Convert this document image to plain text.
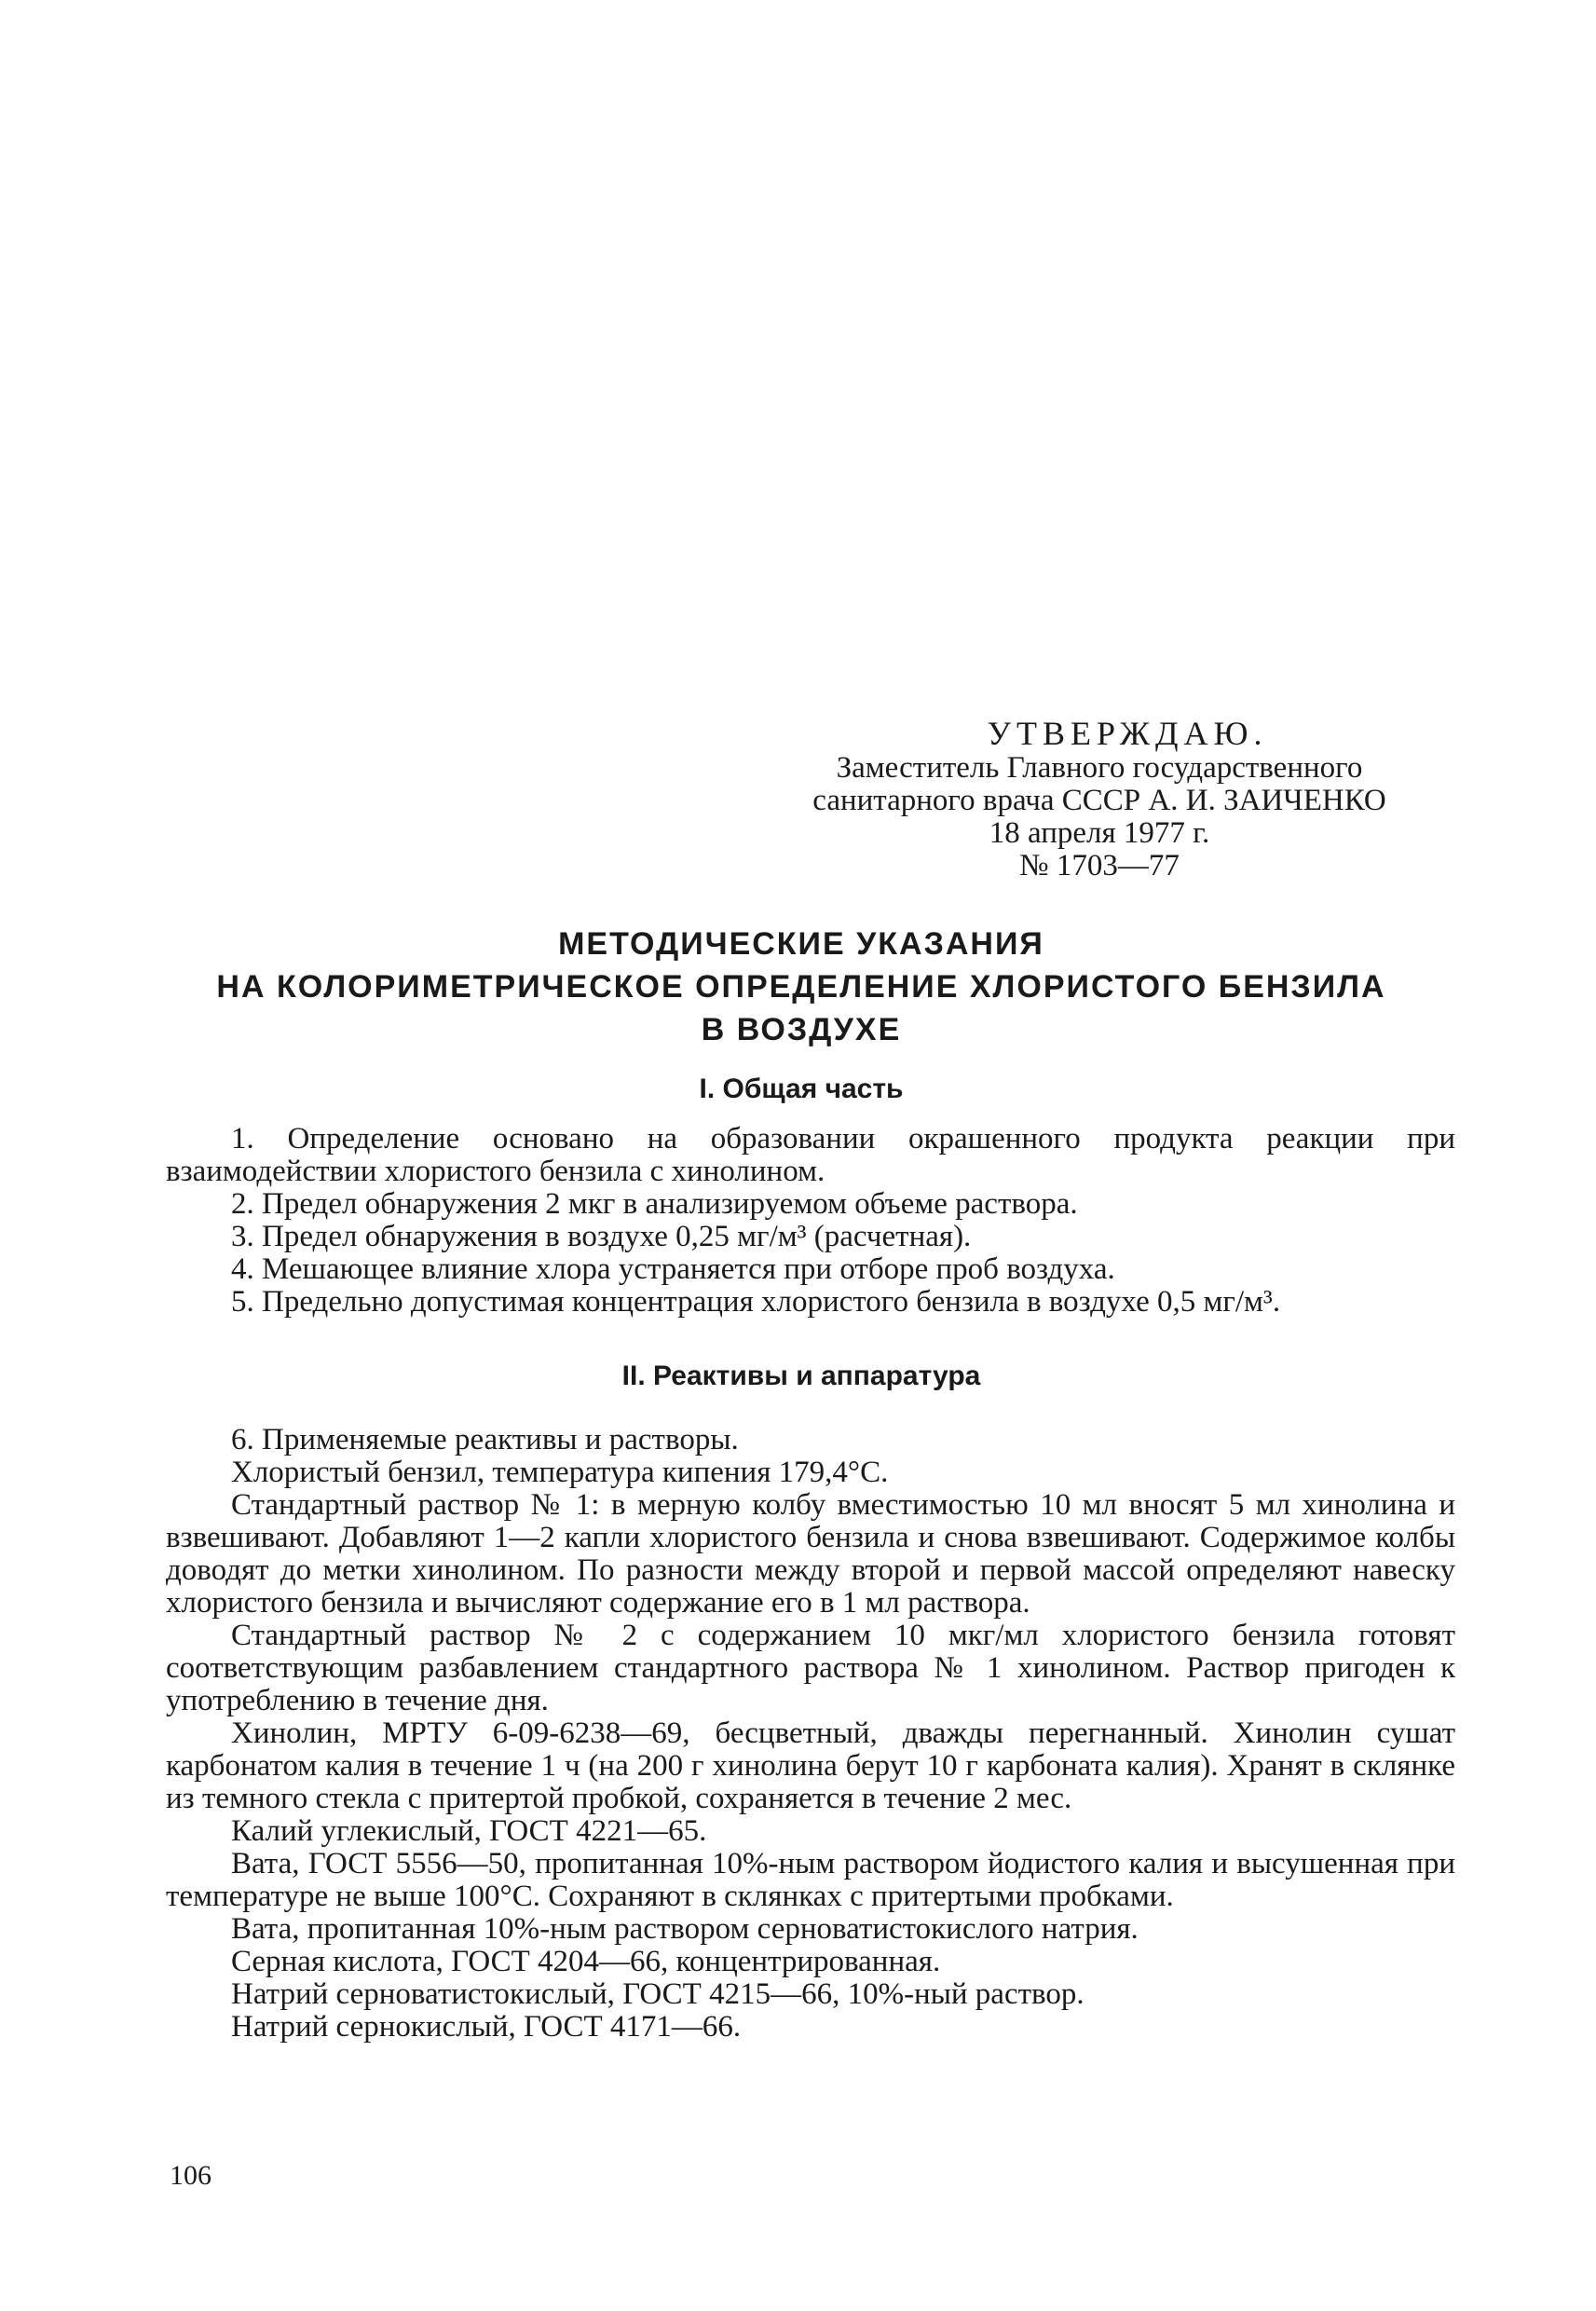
УТВЕРЖДАЮ.
Заместитель Главного государственного
санитарного врача СССР А. И. ЗАИЧЕНКО
18 апреля 1977 г.
№ 1703—77
МЕТОДИЧЕСКИЕ УКАЗАНИЯ
НА КОЛОРИМЕТРИЧЕСКОЕ ОПРЕДЕЛЕНИЕ ХЛОРИСТОГО БЕНЗИЛА
В ВОЗДУХЕ
I. Общая часть

1. Определение основано на образовании окрашенного продукта реакции при взаимодействии хлористого бензила с хинолином.

2. Предел обнаружения 2 мкг в анализируемом объеме раствора.

3. Предел обнаружения в воздухе 0,25 мг/м³ (расчетная).

4. Мешающее влияние хлора устраняется при отборе проб воздуха.

5. Предельно допустимая концентрация хлористого бензила в воздухе 0,5 мг/м³.

II. Реактивы и аппаратура

6. Применяемые реактивы и растворы.

Хлористый бензил, температура кипения 179,4°С.

Стандартный раствор № 1: в мерную колбу вместимостью 10 мл вносят 5 мл хинолина и взвешивают. Добавляют 1—2 капли хлористого бензила и снова взвешивают. Содержимое колбы доводят до метки хинолином. По разности между второй и первой массой определяют навеску хлористого бензила и вычисляют содержание его в 1 мл раствора.

Стандартный раствор № 2 с содержанием 10 мкг/мл хлористого бензила готовят соответствующим разбавлением стандартного раствора № 1 хинолином. Раствор пригоден к употреблению в течение дня.

Хинолин, МРТУ 6-09-6238—69, бесцветный, дважды перегнанный. Хинолин сушат карбонатом калия в течение 1 ч (на 200 г хинолина берут 10 г карбоната калия). Хранят в склянке из темного стекла с притертой пробкой, сохраняется в течение 2 мес.

Калий углекислый, ГОСТ 4221—65.

Вата, ГОСТ 5556—50, пропитанная 10%-ным раствором йодистого калия и высушенная при температуре не выше 100°С. Сохраняют в склянках с притертыми пробками.

Вата, пропитанная 10%-ным раствором серноватистокислого натрия.

Серная кислота, ГОСТ 4204—66, концентрированная.

Натрий серноватистокислый, ГОСТ 4215—66, 10%-ный раствор.

Натрий сернокислый, ГОСТ 4171—66.

106
